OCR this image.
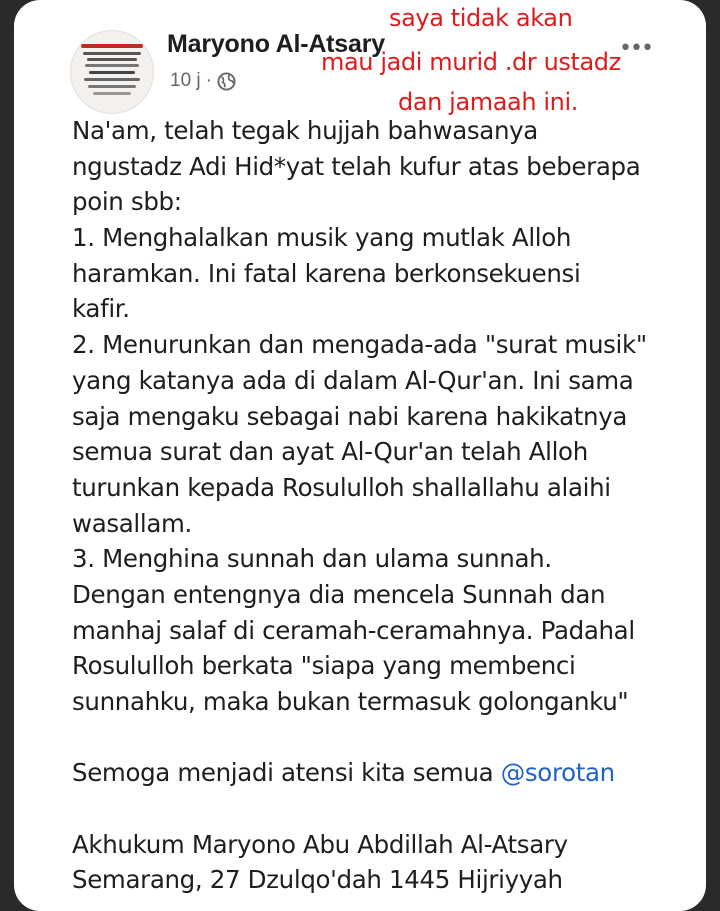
Maryono Al-Atsary
10 j ·
•••
saya tidak akan
mau jadi murid .dr ustadz
dan jamaah ini.
Na'am, telah tegak hujjah bahwasanya
ngustadz Adi Hid*yat telah kufur atas beberapa
poin sbb:
1. Menghalalkan musik yang mutlak Alloh
haramkan. Ini fatal karena berkonsekuensi
kafir.
2. Menurunkan dan mengada-ada "surat musik"
yang katanya ada di dalam Al-Qur'an. Ini sama
saja mengaku sebagai nabi karena hakikatnya
semua surat dan ayat Al-Qur'an telah Alloh
turunkan kepada Rosululloh shallallahu alaihi
wasallam.
3. Menghina sunnah dan ulama sunnah.
Dengan entengnya dia mencela Sunnah dan
manhaj salaf di ceramah-ceramahnya. Padahal
Rosululloh berkata "siapa yang membenci
sunnahku, maka bukan termasuk golonganku"
Semoga menjadi atensi kita semua @sorotan
Akhukum Maryono Abu Abdillah Al-Atsary
Semarang, 27 Dzulqo'dah 1445 Hijriyyah
